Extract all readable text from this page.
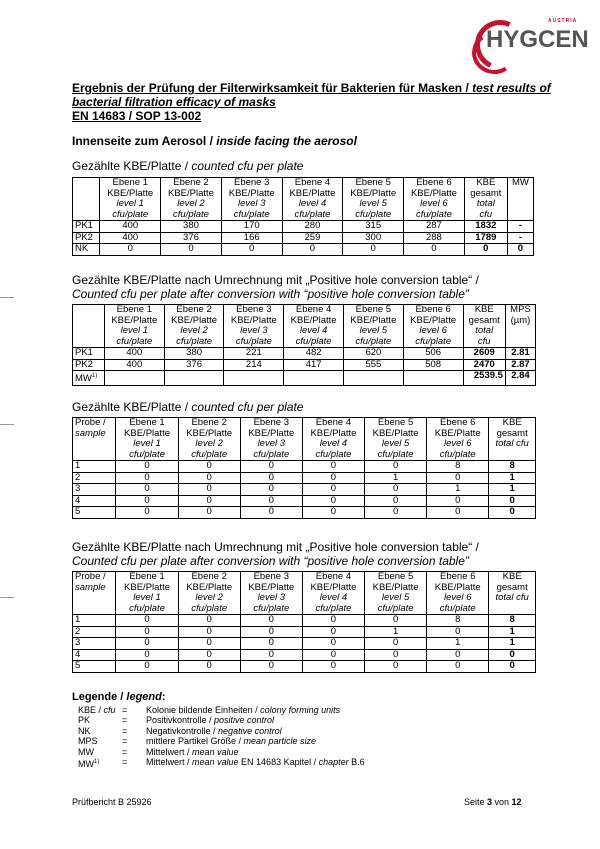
AUSTRIA
HYGCEN
Ergebnis der Prüfung der Filterwirksamkeit für Bakterien für Masken / test results of
bacterial filtration efficacy of masks
EN 14683 / SOP 13-002
Innenseite zum Aerosol / inside facing the aerosol
Gezählte KBE/Platte / counted cfu per plate
	Ebene 1
KBE/Platte
level 1
cfu/plate	Ebene 2
KBE/Platte
level 2
cfu/plate	Ebene 3
KBE/Platte
level 3
cfu/plate	Ebene 4
KBE/Platte
level 4
cfu/plate	Ebene 5
KBE/Platte
level 5
cfu/plate	Ebene 6
KBE/Platte
level 6
cfu/plate	KBE
gesamt
total
cfu	MW
PK1	400	380	170	280	315	287	1832	-
PK2	400	376	166	259	300	288	1789	-
NK	0	0	0	0	0	0	0	0
Gezählte KBE/Platte nach Umrechnung mit „Positive hole conversion table“ /
Counted cfu per plate after conversion with “positive hole conversion table”
	Ebene 1
KBE/Platte
level 1
cfu/plate	Ebene 2
KBE/Platte
level 2
cfu/plate	Ebene 3
KBE/Platte
level 3
cfu/plate	Ebene 4
KBE/Platte
level 4
cfu/plate	Ebene 5
KBE/Platte
level 5
cfu/plate	Ebene 6
KBE/Platte
level 6
cfu/plate	KBE
gesamt
total
cfu	MPS
(µm)
PK1	400	380	221	482	620	506	2609	2.81
PK2	400	376	214	417	555	508	2470	2.87
MW$^{1)}$							2539.5	2.84
Gezählte KBE/Platte / counted cfu per plate
Probe /
sample	Ebene 1
KBE/Platte
level 1
cfu/plate	Ebene 2
KBE/Platte
level 2
cfu/plate	Ebene 3
KBE/Platte
level 3
cfu/plate	Ebene 4
KBE/Platte
level 4
cfu/plate	Ebene 5
KBE/Platte
level 5
cfu/plate	Ebene 6
KBE/Platte
level 6
cfu/plate	KBE
gesamt
total cfu
1	0	0	0	0	0	8	8
2	0	0	0	0	1	0	1
3	0	0	0	0	0	1	1
4	0	0	0	0	0	0	0
5	0	0	0	0	0	0	0
Gezählte KBE/Platte nach Umrechnung mit „Positive hole conversion table“ /
Counted cfu per plate after conversion with “positive hole conversion table”
Probe /
sample	Ebene 1
KBE/Platte
level 1
cfu/plate	Ebene 2
KBE/Platte
level 2
cfu/plate	Ebene 3
KBE/Platte
level 3
cfu/plate	Ebene 4
KBE/Platte
level 4
cfu/plate	Ebene 5
KBE/Platte
level 5
cfu/plate	Ebene 6
KBE/Platte
level 6
cfu/plate	KBE
gesamt
total cfu
1	0	0	0	0	0	8	8
2	0	0	0	0	1	0	1
3	0	0	0	0	0	1	1
4	0	0	0	0	0	0	0
5	0	0	0	0	0	0	0
Legende / legend:
KBE / cfu =	Kolonie bildende Einheiten / colony forming units
PK	=	Positivkontrolle / positive control
NK	=	Negativkontrolle / negative control
MPS	=	mittlere Partikel Größe / mean particle size
MW	=	Mittelwert / mean value
$MW^{1)}$	=	Mittelwert / mean value EN 14683 Kapitel / chapter B.6
Prüfbericht B 25926	Seite 3 von 12
